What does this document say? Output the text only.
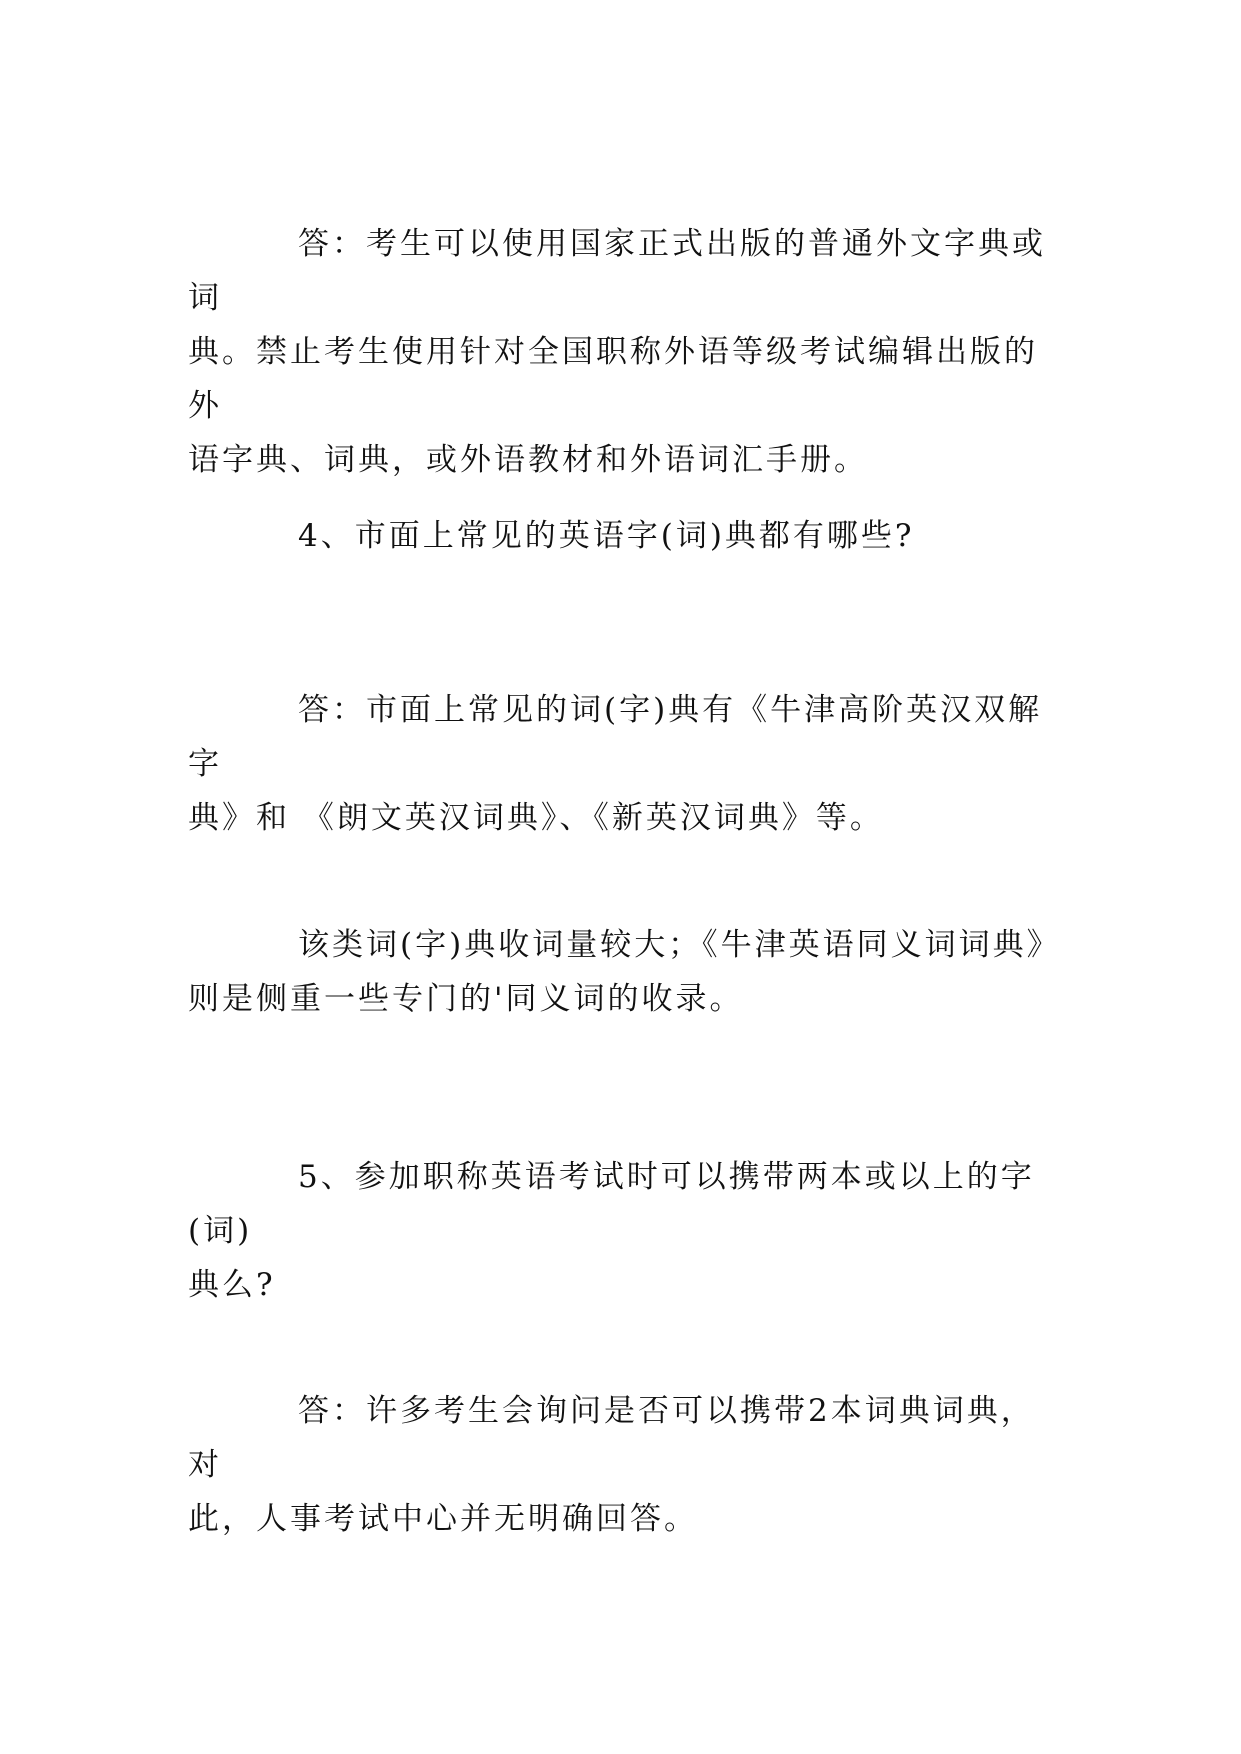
答：考生可以使用国家正式出版的普通外文字典或词
典。禁止考生使用针对全国职称外语等级考试编辑出版的外
语字典、词典，或外语教材和外语词汇手册。

4、市面上常见的英语字(词)典都有哪些?

答：市面上常见的词(字)典有《牛津高阶英汉双解字
典》和 《朗文英汉词典》、《新英汉词典》等。

该类词(字)典收词量较大；《牛津英语同义词词典》
则是侧重一些专门的'同义词的收录。

5、参加职称英语考试时可以携带两本或以上的字(词)
典么?

答：许多考生会询问是否可以携带2本词典词典，对
此，人事考试中心并无明确回答。
